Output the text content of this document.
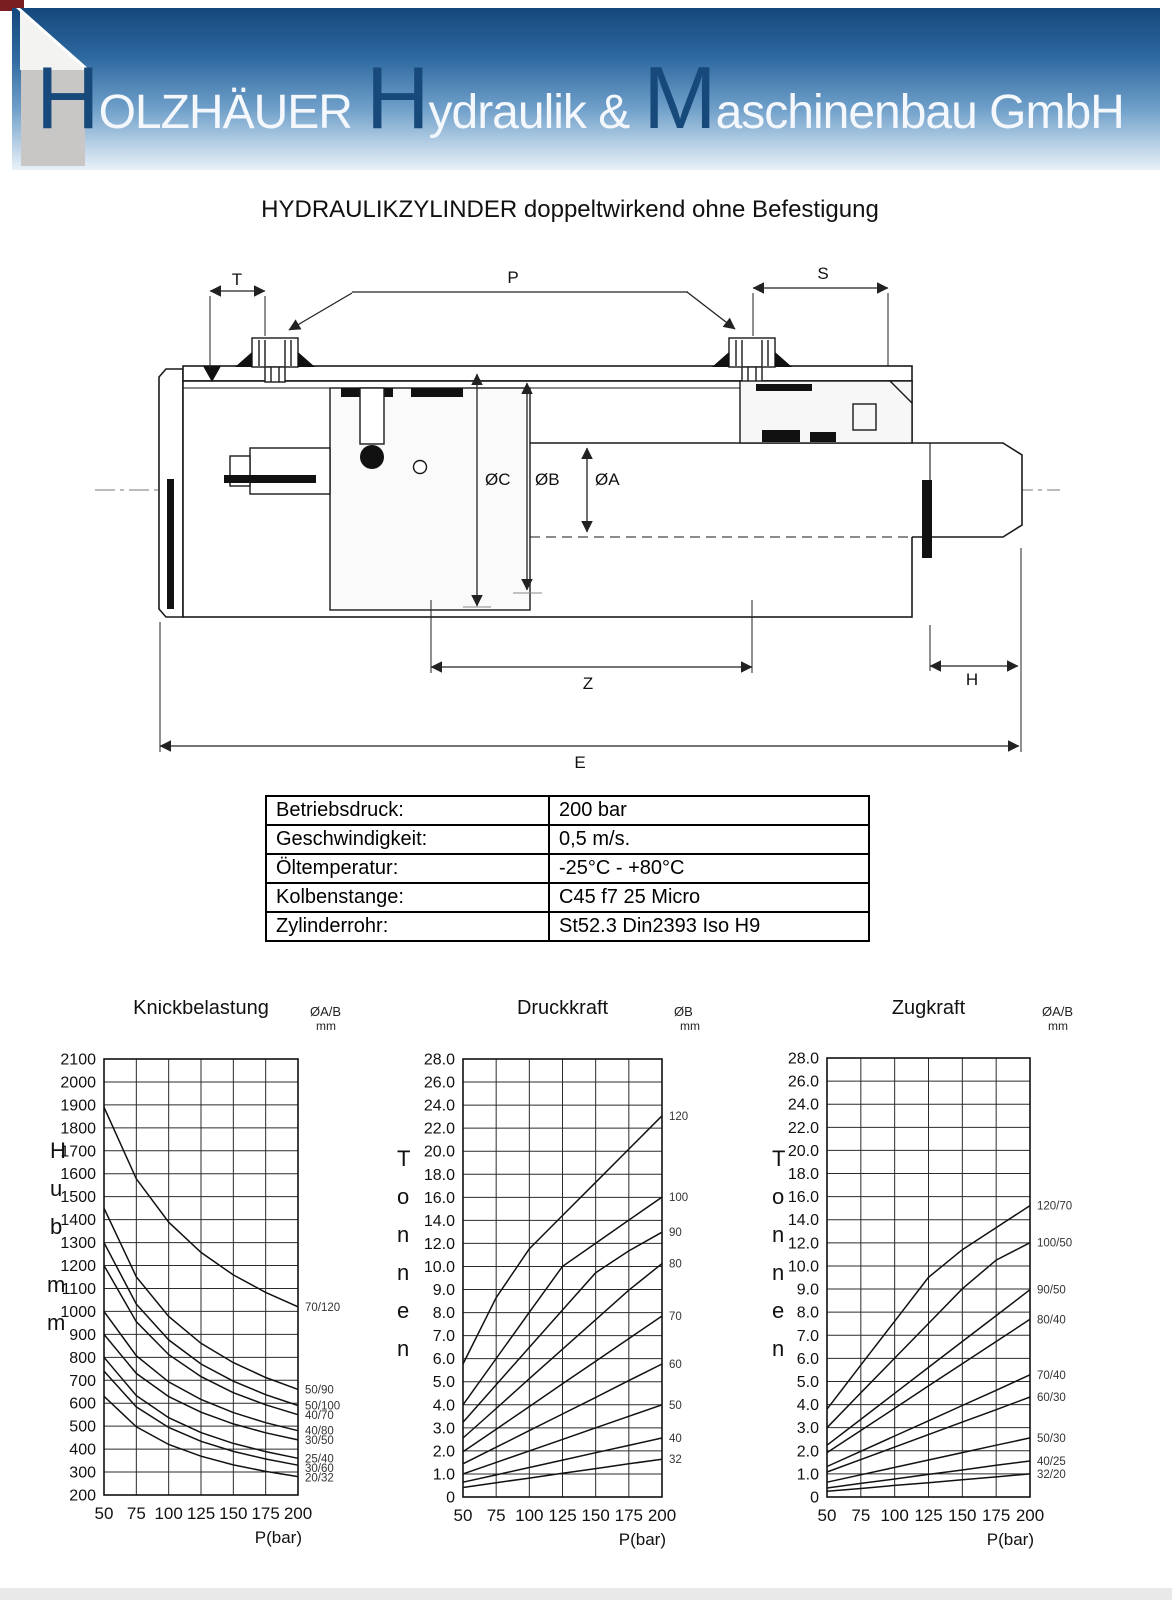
HOLZHÄUER Hydraulik & Maschinenbau GmbH
HYDRAULIKZYLINDER doppeltwirkend ohne Befestigung
T	P	S
ØC ØB ØA
Z	H
E
Betriebsdruck:	200 bar
Geschwindigkeit:	0,5 m/s.
Öltemperatur:	-25°C - +80°C
Kolbenstange:	C45 f7 25 Micro
Zylinderrohr:	St52.3 Din2393 Iso H9
2100
2000
1900
1800
1700
1600
1500
1400
1300
1200
1100
1000
900
800
700
600
500
400
300
200
50 75 100 125 150 175 200
P(bar)
Knickbelastung	ØA/B
mm
H
u
b
m
m
70/120
50/90
50/100
40/70
40/80
30/50
25/40
30/60
20/32
28.0
26.0
24.0
22.0
20.0
18.0
16.0
14.0
12.0
10.0
9.0
8.0
7.0
6.0
5.0
4.0
3.0
2.0
1.0
0
50 75 100 125 150 175 200
P(bar)
Druckkraft	ØB
mm
T
o
n
n
e
n
120
100
90
80
70
60
50
40
32
28.0
26.0
24.0
22.0
20.0
18.0
16.0
14.0
12.0
10.0
9.0
8.0
7.0
6.0
5.0
4.0
3.0
2.0
1.0
0
50 75 100 125 150 175 200
P(bar)
Zugkraft	ØA/B
mm
T
o
n
n
e
n
120/70
100/50
90/50
80/40
70/40
60/30
50/30
40/25
32/20
